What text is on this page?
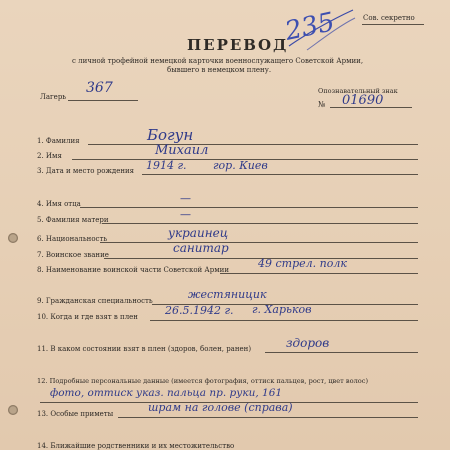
Сов. секретно
235
ПЕРЕВОД
с личной трофейной немецкой карточки военнослужащего Советской Армии,
бывшего в немецком плену.
Лагерь
367	Опознавательный знак
№ 01690
1. Фамилия	Богун
2. Имя	Михаил
3. Дата и место рождения 1914 г. гор. Киев
4. Имя отца	—
5. Фамилия матери	—
6. Национальность	украинец
7. Воинское звание	санитар
8. Наименование воинской части Советской Армии	49 стрел. полк
9. Гражданская специальность	жестяницик
10. Когда и где взят в плен 26.5.1942 г. г. Харьков
11. В каком состоянии взят в плен (здоров, болен, ранен)	здоров
12. Подробные персональные данные (имеется фотография, оттиск пальцев, рост, цвет волос)
фото, оттиск указ. пальца пр. руки, 161
13. Особые приметы	шрам на голове (справа)
14. Ближайшие родственники и их местожительство
